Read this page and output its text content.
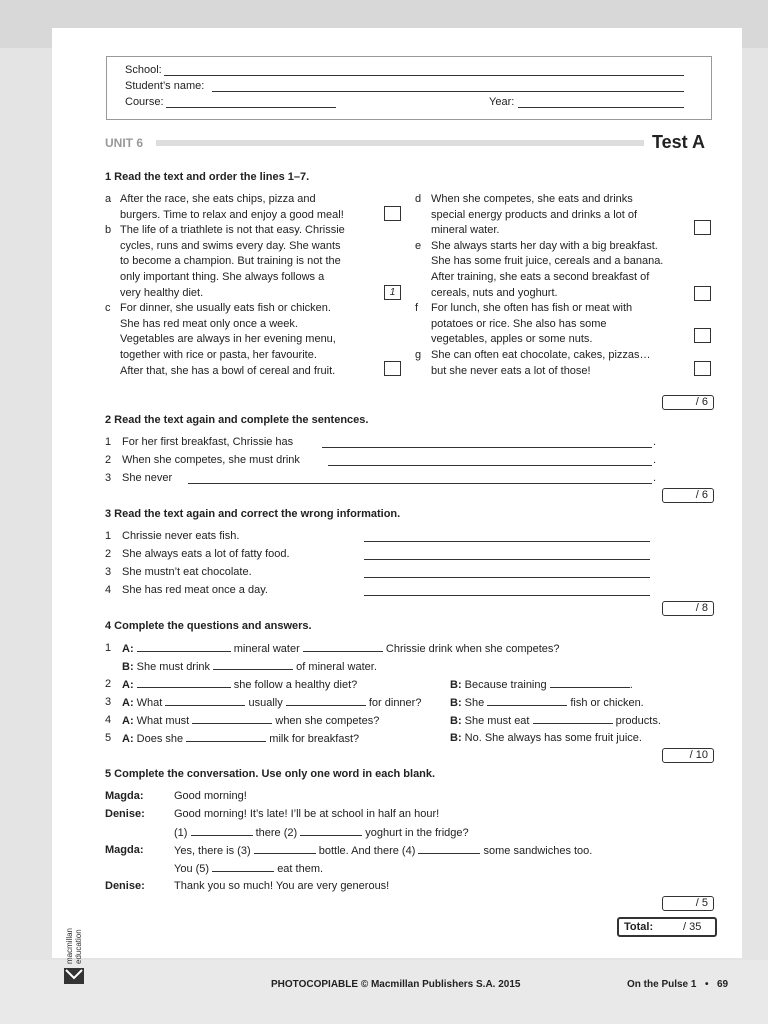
School:
Student’s name:
Course:	Year:
UNIT 6	Test A
1 Read the text and order the lines 1–7.
a After the race, she eats chips, pizza and
burgers. Time to relax and enjoy a good meal!
b The life of a triathlete is not that easy. Chrissie
cycles, runs and swims every day. She wants
to become a champion. But training is not the
only important thing. She always follows a
very healthy diet.	1
c For dinner, she usually eats fish or chicken.
She has red meat only once a week.
Vegetables are always in her evening menu,
together with rice or pasta, her favourite.
After that, she has a bowl of cereal and fruit.
d When she competes, she eats and drinks
special energy products and drinks a lot of
mineral water.
e She always starts her day with a big breakfast.
She has some fruit juice, cereals and a banana.
After training, she eats a second breakfast of
cereals, nuts and yoghurt.
f For lunch, she often has fish or meat with
potatoes or rice. She also has some
vegetables, apples or some nuts.
g She can often eat chocolate, cakes, pizzas…
but she never eats a lot of those!
/ 6
2 Read the text again and complete the sentences.
1 For her first breakfast, Chrissie has	.
2 When she competes, she must drink	.
3 She never	.
/ 6
3 Read the text again and correct the wrong information.
1 Chrissie never eats fish.
2 She always eats a lot of fatty food.
3 She mustn’t eat chocolate.
4 She has red meat once a day.
/ 8
4 Complete the questions and answers.
1 A:	mineral water	Chrissie drink when she competes?
B: She must drink	of mineral water.
2 A:	she follow a healthy diet?	B: Because training	.
3 A: What	usually	for dinner?	B: She	fish or chicken.
4 A: What must	when she competes?	B: She must eat	products.
5 A: Does she	milk for breakfast?	B: No. She always has some fruit juice.
/ 10
5 Complete the conversation. Use only one word in each blank.
Magda:	Good morning!
Denise:	Good morning! It’s late! I’ll be at school in half an hour!
(1)	there (2)	yoghurt in the fridge?
Magda:	Yes, there is (3)	bottle. And there (4)	some sandwiches too.
You (5)	eat them.
Denise:	Thank you so much! You are very generous!
/ 5
Total:	/ 35
macmillan education
PHOTOCOPIABLE © Macmillan Publishers S.A. 2015	On the Pulse 1 • 69
